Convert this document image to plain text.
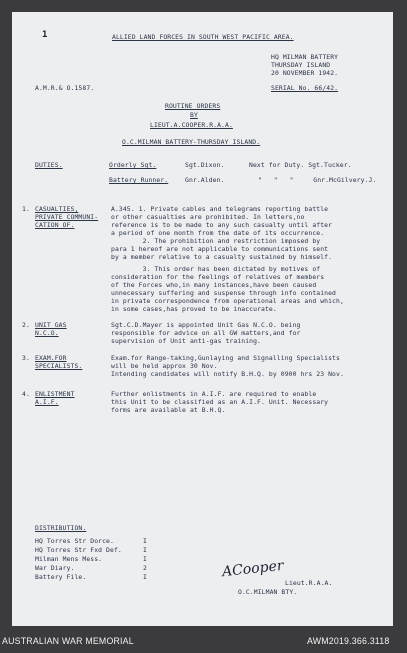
1	ALLIED LAND FORCES IN SOUTH WEST PACIFIC AREA.
HQ MILMAN BATTERY
THURSDAY ISLAND
20 NOVEMBER 1942.
A.M.R.& O.1587.	SERIAL No. 66/42.
ROUTINE ORDERS
BY
LIEUT.A.COOPER.R.A.A.
O.C.MILMAN BATTERY-THURSDAY ISLAND.
DUTIES.	Orderly Sgt.	Sgt.Dixon.	Next for Duty. Sgt.Tucker.
Battery Runner.	Gnr.Alden.	"   "   "     Gnr.McGilvery.J.
1. CASUALTIES,
PRIVATE COMMUNI-
CATION OF.
A.345. 1. Private cables and telegrams reporting battle
or other casualties are prohibited. In letters,no
reference is to be made to any such casualty until after
a period of one month from the date of its occurrence.
2. The prohibition and restriction imposed by
para 1 hereof are not applicable to communications sent
by a member relative to a casualty sustained by himself.
3. This order has been dictated by motives of
consideration for the feelings of relatives of members
of the Forces who,in many instances,have been caused
unnecessary suffering and suspense through info contained
in private correspondence from operational areas and which,
in some cases,has proved to be inaccurate.
2. UNIT GAS
N.C.O.
Sgt.C.D.Mayer is appointed Unit Gas N.C.O. being
responsible for advice on all GW matters,and for
supervision of Unit anti-gas training.
3. EXAM.FOR
SPECIALISTS.
Exam.for Range-taking,Gunlaying and Signalling Specialists
will be held approx 30 Nov.
Intending candidates will notify B.H.Q. by 0900 hrs 23 Nov.
4. ENLISTMENT
A.I.F.
Further enlistments in A.I.F. are required to enable
this Unit to be classified as an A.I.F. Unit. Necessary
forms are available at B.H.Q.
DISTRIBUTION.
HQ Torres Str Dorce.	I
HQ Torres Str Fxd Def.	I
Milman Mens Mess.	I
War Diary.	2
Battery File.	I	ACooper
Lieut.R.A.A.
O.C.MILMAN BTY.
AUSTRALIAN WAR MEMORIAL	AWM2019.366.3118
